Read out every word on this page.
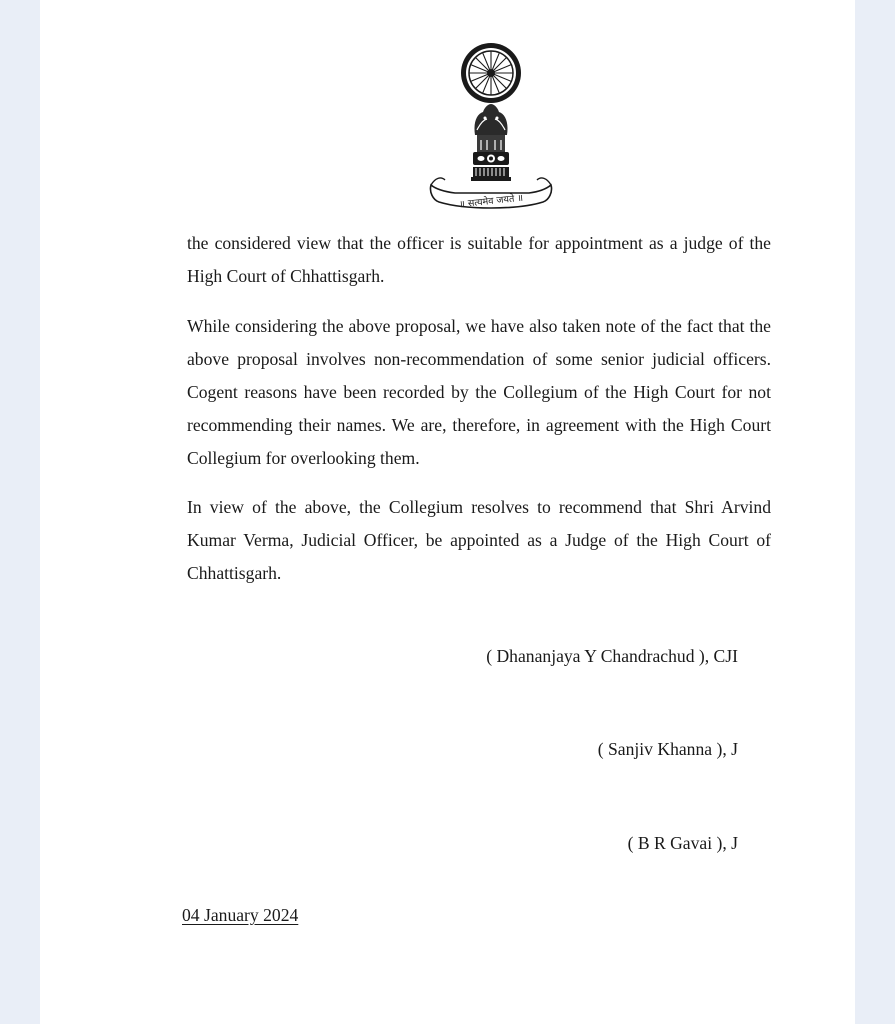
॥ सत्यमेव जयते ॥

the considered view that the officer is suitable for appointment as a judge of the High Court of Chhattisgarh.

While considering the above proposal, we have also taken note of the fact that the above proposal involves non-recommendation of some senior judicial officers. Cogent reasons have been recorded by the Collegium of the High Court for not recommending their names. We are, therefore, in agreement with the High Court Collegium for overlooking them.

In view of the above, the Collegium resolves to recommend that Shri Arvind Kumar Verma, Judicial Officer, be appointed as a Judge of the High Court of Chhattisgarh.

( Dhananjaya Y Chandrachud ), CJI
( Sanjiv Khanna ), J
( B R Gavai ), J
04 January 2024
